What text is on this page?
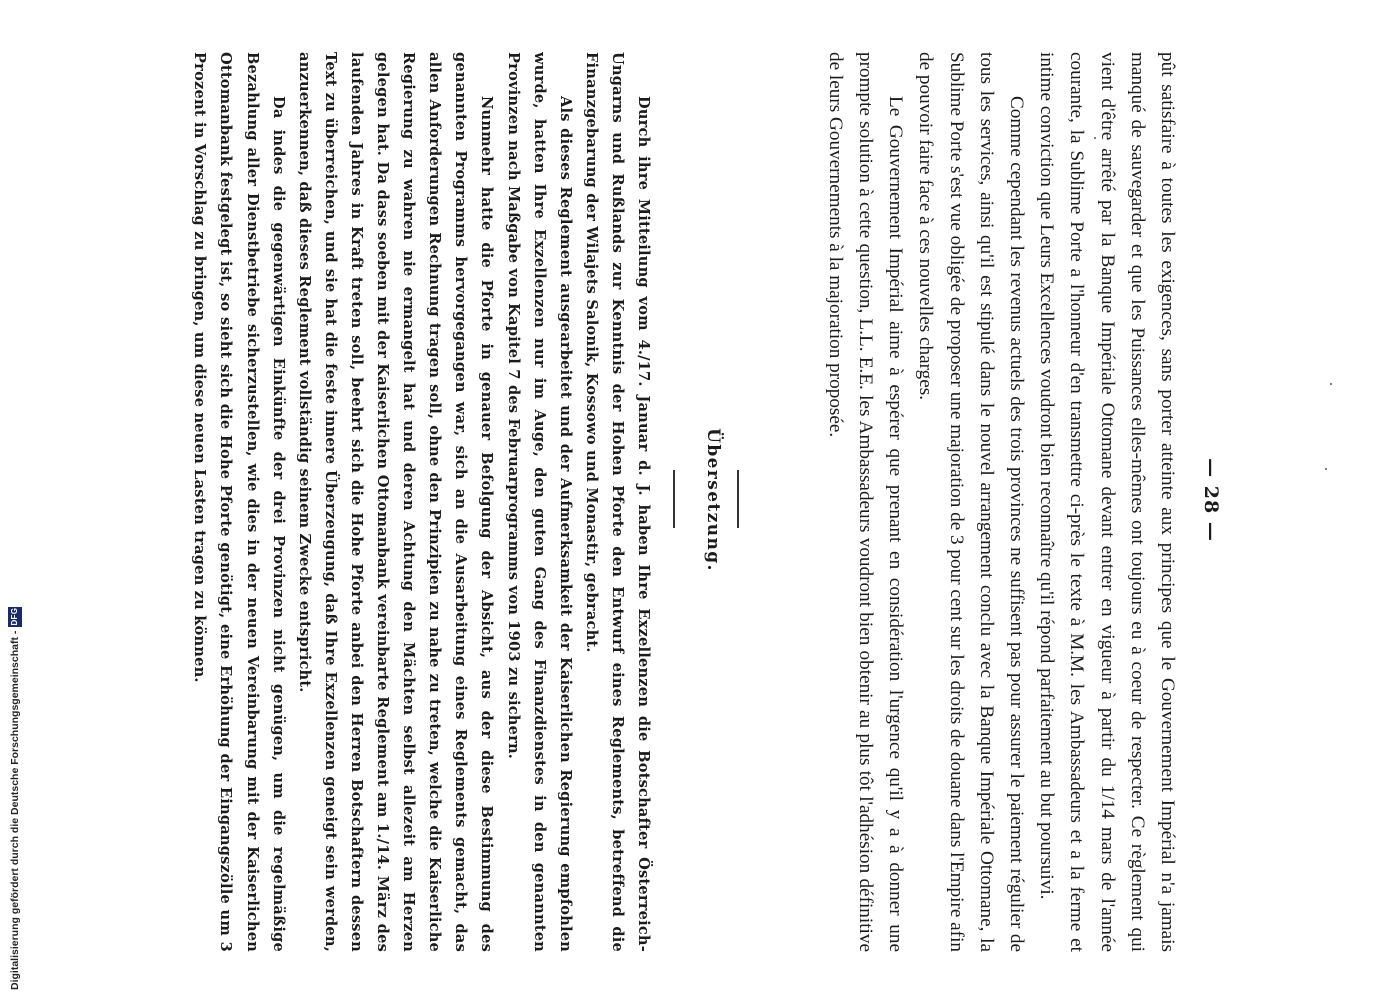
— 28 —

pût satisfaire à toutes les exigences, sans porter atteinte aux principes que le Gouvernement Impérial n'a jamais manqué de sauvegarder et que les Puissances elles-mêmes ont toujours eu à coeur de respecter. Ce règlement qui vient d'être arrêté par la Banque Impériale Ottomane devant entrer en vigueur à partir du 1/14 mars de l'année courante, la Sublime Porte a l'honneur d'en transmettre ci-près le texte à M.M. les Ambassadeurs et a la ferme et intime conviction que Leurs Excellences voudront bien reconnaître qu'il répond parfaitement au but poursuivi.

Comme cependant les revenus actuels des trois provinces ne suffisent pas pour assurer le paiement régulier de tous les services, ainsi qu'il est stipulé dans le nouvel arrangement conclu avec la Banque Impériale Ottomane, la Sublime Porte s'est vue obligée de proposer une majoration de 3 pour cent sur les droits de douane dans l'Empire afin de pouvoir faire face à ces nouvelles charges.

Le Gouvernement Impérial aime à espérer que prenant en considération l'urgence qu'il y a à donner une prompte solution à cette question, L.L. E.E. les Ambassadeurs voudront bien obtenir au plus tôt l'adhésion définitive de leurs Gouvernements à la majoration proposée.

Übersetzung.

Durch ihre Mitteilung vom 4./17. Januar d. J. haben Ihre Exzellenzen die Botschafter Österreich-Ungarns und Rußlands zur Kenntnis der Hohen Pforte den Entwurf eines Reglements, betreffend die Finanzgebarung der Wilajets Salonik, Kossowo und Monastir, gebracht.

Als dieses Reglement ausgearbeitet und der Aufmerksamkeit der Kaiserlichen Regierung empfohlen wurde, hatten Ihre Exzellenzen nur im Auge, den guten Gang des Finanzdienstes in den genannten Provinzen nach Maßgabe von Kapitel 7 des Februarprogramms von 1903 zu sichern.

Nunmehr hatte die Pforte in genauer Befolgung der Absicht, aus der diese Bestimmung des genannten Programms hervorgegangen war, sich an die Ausarbeitung eines Reglements gemacht, das allen Anforderungen Rechnung tragen soll, ohne den Prinzipien zu nahe zu treten, welche die Kaiserliche Regierung zu wahren nie ermangelt hat und deren Achtung den Mächten selbst allezeit am Herzen gelegen hat. Da dass soeben mit der Kaiserlichen Ottomanbank vereinbarte Reglement am 1./14. März des laufenden Jahres in Kraft treten soll, beehrt sich die Hohe Pforte anbei den Herren Botschaftern dessen Text zu überreichen, und sie hat die feste innere Überzeugung, daß Ihre Exzellenzen geneigt sein werden, anzuerkennen, daß dieses Reglement vollständig seinem Zwecke entspricht.

Da indes die gegenwärtigen Einkünfte der drei Provinzen nicht genügen, um die regelmäßige Bezahlung aller Dienstbetriebe sicherzustellen, wie dies in der neuen Vereinbarung mit der Kaiserlichen Ottomanbank festgelegt ist, so sieht sich die Hohe Pforte genötigt, eine Erhöhung der Eingangszölle um 3 Prozent in Vorschlag zu bringen, um diese neuen Lasten tragen zu können.

Digitalisierung gefördert durch die Deutsche Forschungsgemeinschaft -
DFG
